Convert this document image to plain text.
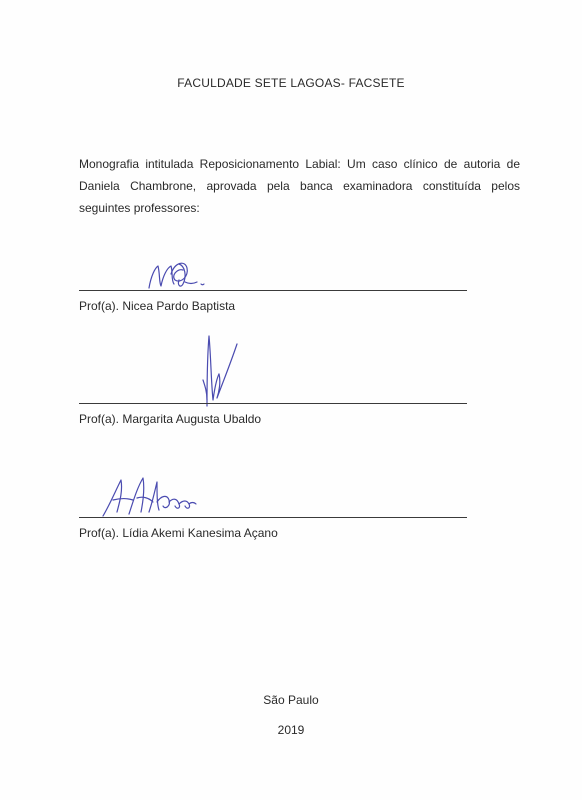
FACULDADE SETE LAGOAS- FACSETE
Monografia intitulada Reposicionamento Labial: Um caso clínico de autoria de Daniela Chambrone, aprovada pela banca examinadora constituída pelos seguintes professores:
Prof(a). Nicea Pardo Baptista
Prof(a). Margarita Augusta Ubaldo
Prof(a). Lídia Akemi Kanesima Açano
São Paulo
2019
